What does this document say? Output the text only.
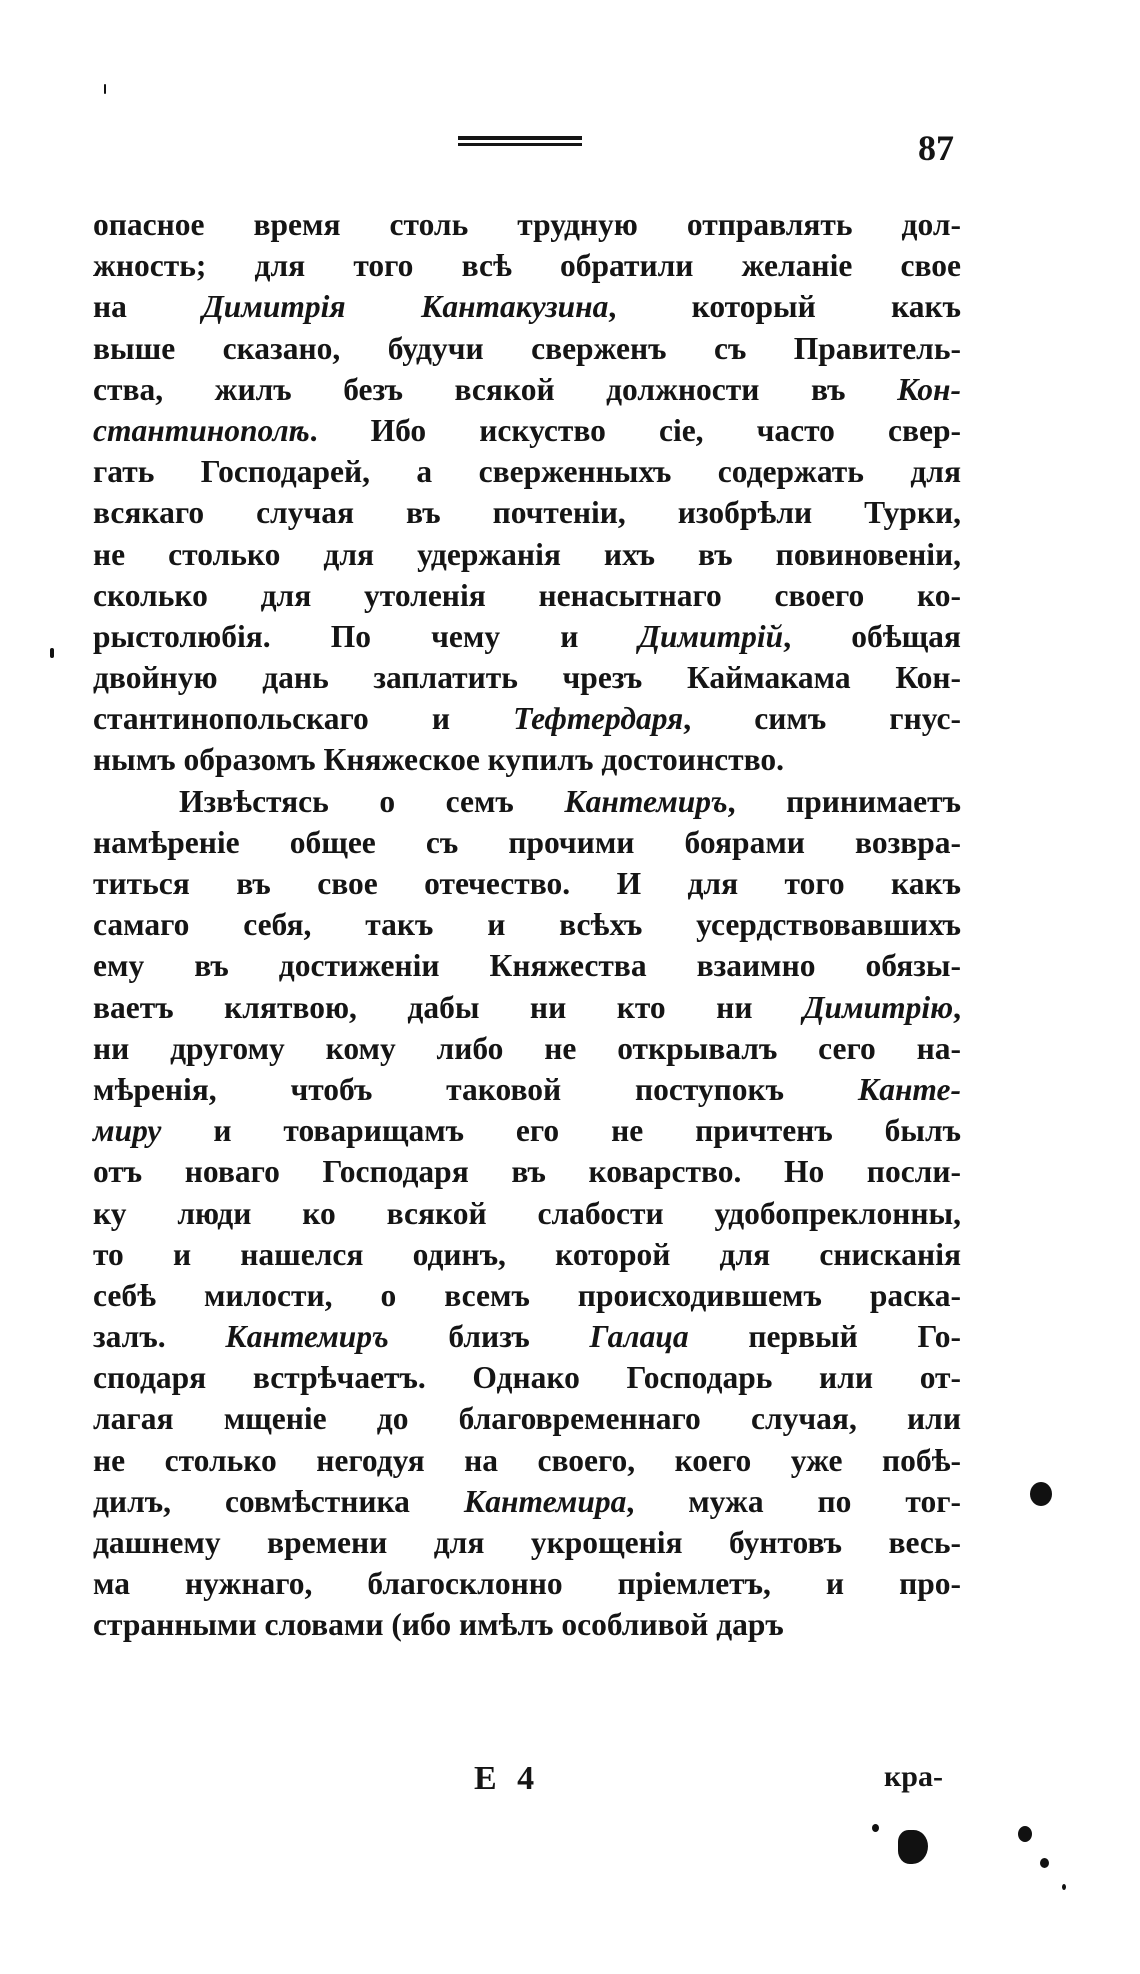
87
опасное время столь трудную отправлять дол-
жность; для того всѣ обратили желанiе свое
на Димитрiя Кантакузина, который какъ
выше сказано, будучи сверженъ съ Правитель-
ства, жилъ безъ всякой должности въ Кон-
стантинополѣ. Ибо искуство сiе, часто свер-
гать Господарей, а сверженныхъ содержать для
всякаго случая въ почтенiи, изобрѣли Турки,
не столько для удержанiя ихъ въ повиновенiи,
сколько для утоленiя ненасытнаго своего ко-
рыстолюбiя. По чему и Димитрiй, обѣщая
двойную дань заплатить чрезъ Каймакама Кон-
стантинопольскаго и Тефтердаря, симъ гнус-
нымъ образомъ Княжеское купилъ достоинство.
Извѣстясь о семъ Кантемиръ, принимаетъ
намѣренiе общее съ прочими боярами возвра-
титься въ свое отечество. И для того какъ
самаго себя, такъ и всѣхъ усердствовавшихъ
ему въ достиженiи Княжества взаимно обязы-
ваетъ клятвою, дабы ни кто ни Димитрiю,
ни другому кому либо не открывалъ сего на-
мѣренiя, чтобъ таковой поступокъ Канте-
миру и товарищамъ его не причтенъ былъ
отъ новаго Господаря въ коварство. Но посли-
ку люди ко всякой слабости удобопреклонны,
то и нашелся одинъ, которой для снисканiя
себѣ милости, о всемъ происходившемъ раска-
залъ. Кантемиръ близъ Галаца первый Го-
сподаря встрѣчаетъ. Однако Господарь или от-
лагая мщенiе до благовременнаго случая, или
не столько негодуя на своего, коего уже побѣ-
дилъ, совмѣстника Кантемира, мужа по тог-
дашнему времени для укрощенiя бунтовъ весь-
ма нужнаго, благосклонно прiемлетъ, и про-
странными словами (ибо имѣлъ особливой даръ
E 4	кра-
